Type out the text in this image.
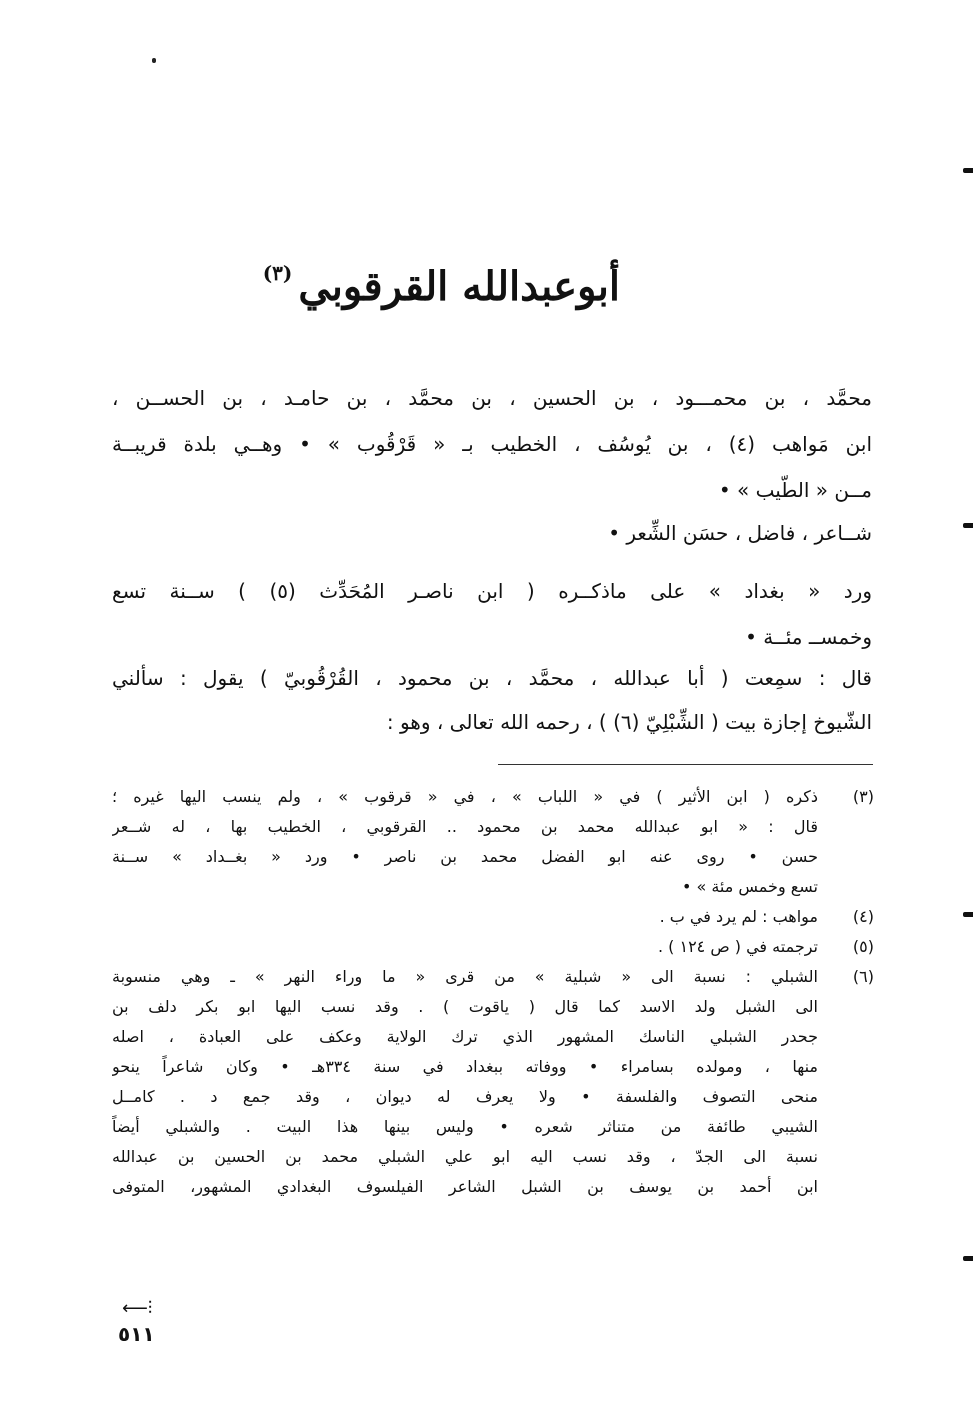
أبوعبدالله القرقوبي$^{(٣)}$
محمَّد ، بن محمـــود ، بن الحسين ، بن محمَّد ، بن حامـد ، بن الحســن ،
ابن مَواهب (٤) ، بن يُوسُف ، الخطيب بـ « قَرْقُوب » • وهــي بلدة قريبــة
مــن « الطّيب » •
شــاعر ، فاضل ، حسَن الشِّعر •
ورد « بغداد » على ماذكــره ( ابن ناصـر المُحَدِّث (٥) ) ســنة تسع
وخمســ مئــة •
قال : سمِعت ( أبا عبدالله ، محمَّد ، بن محمود ، القُرْقُوبيّ ) يقول : سألني
الشّيوخ إجازة بيت ( الشِّبْلِيّ (٦) ) ، رحمه الله تعالى ، وهو :
(٣)
ذكره ( ابن الأثير ) في « اللباب » ، في « قرقوب » ، ولم ينسب اليها غيره ؛
قال : « ابو عبدالله محمد بن محمود .. القرقوبي ، الخطيب بها ، له شــعر
حسن • روى عنه ابو الفضل محمد بن ناصر • ورد « بغــداد » ســنة
تسع وخمس مئة » •
(٤)
مواهب : لم يرد في ب .
(٥)
ترجمته في ( ص ١٢٤ ) .
(٦)
الشبلي : نسبة الى « شبلية » من قرى « ما وراء النهر » ـ وهي منسوبة
الى الشبل ولد الاسد كما قال ( ياقوت ) . وقد نسب اليها ابو بكر دلف بن
جحدر الشبلي الناسك المشهور الذي ترك الولاية وعكف على العبادة ، اصله
منها ، ومولده بسامراء • ووفاته ببغداد في سنة ٣٣٤هـ • وكان شاعراً ينحو
منحى التصوف والفلسفة • ولا يعرف له ديوان ، وقد جمع د . كامــل
الشيبي طائفة من متناثر شعره • وليس بينها هذا البيت . والشبلي أيضاً
نسبة الى الجدّ ، وقد نسب اليه ابو علي الشبلي محمد بن الحسين بن عبدالله
ابن أحمد بن يوسف بن الشبل الشاعر الفيلسوف البغدادي المشهور، المتوفى
⟵⫶
٥١١
